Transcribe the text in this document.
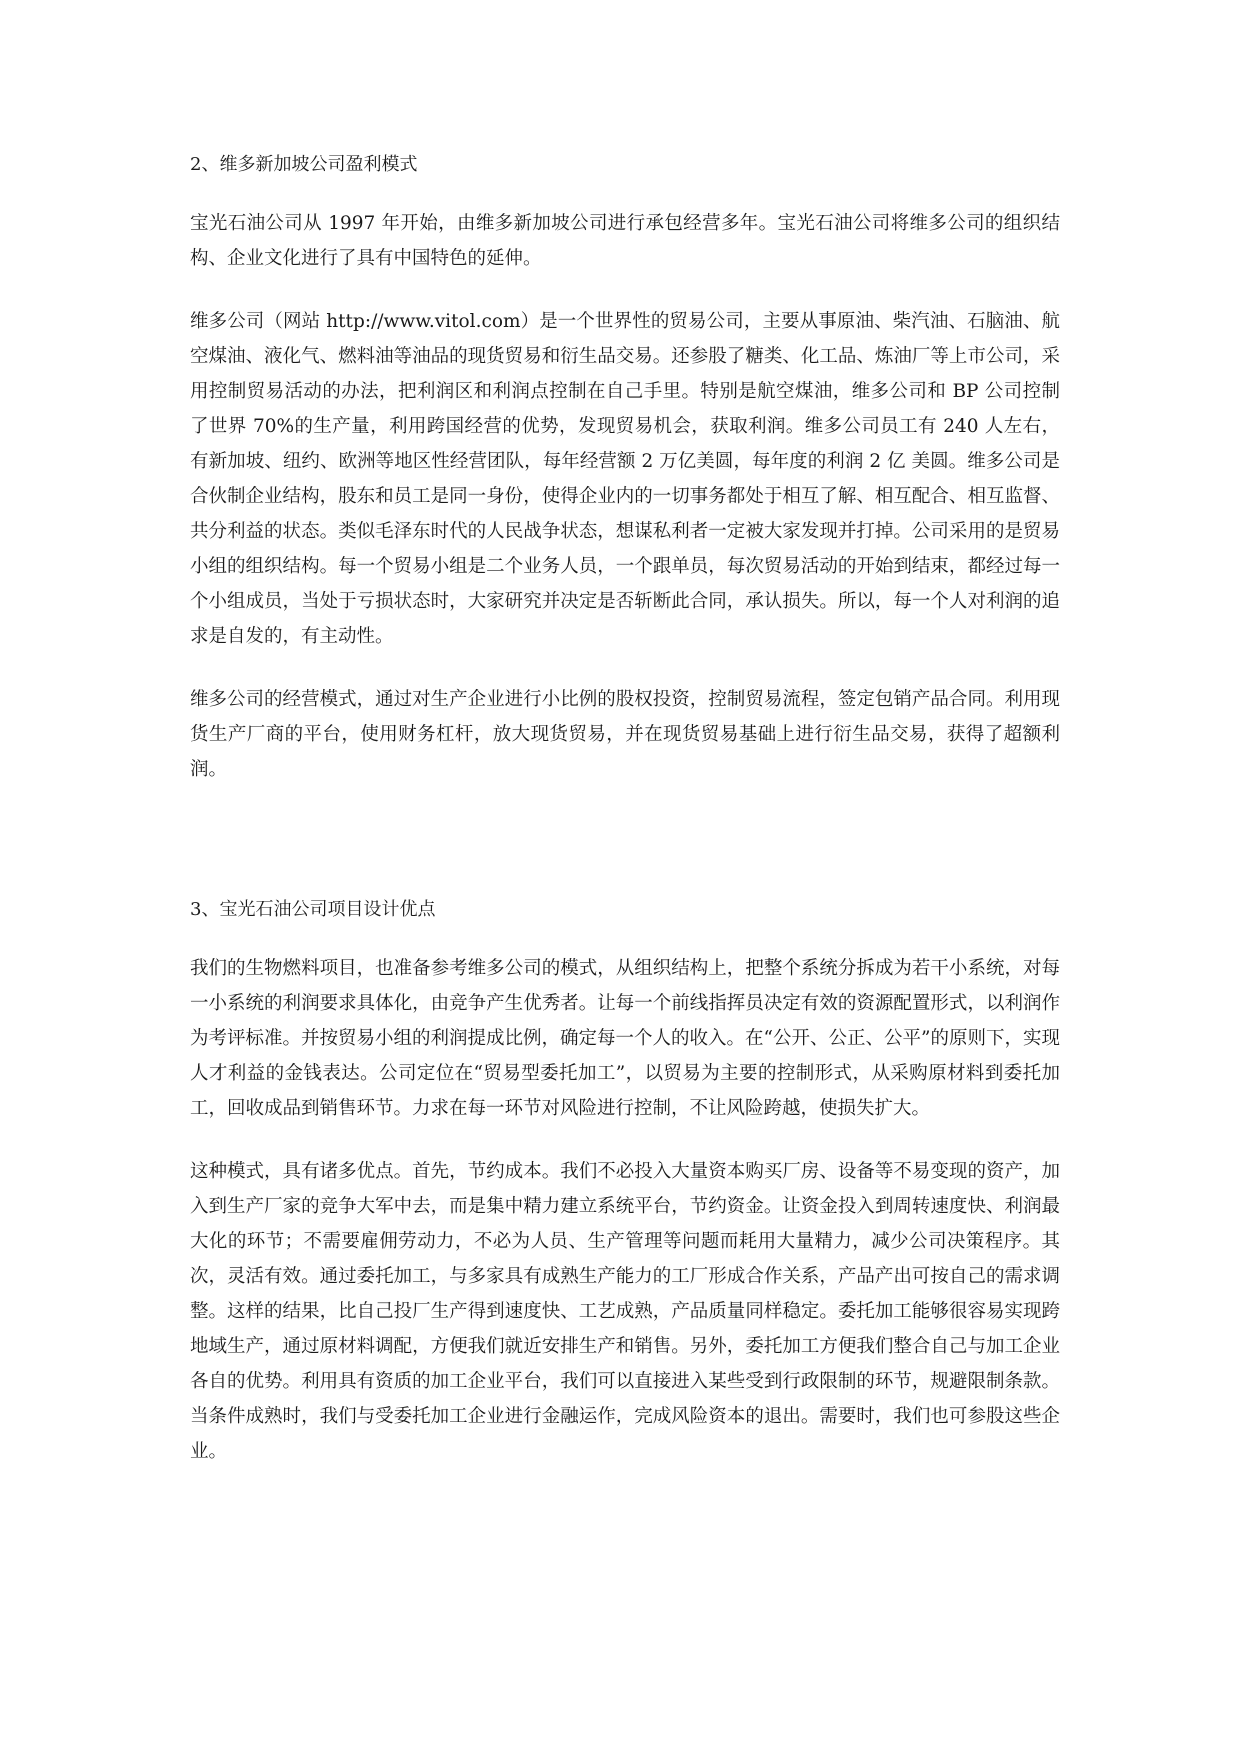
2、维多新加坡公司盈利模式

宝光石油公司从 1997 年开始，由维多新加坡公司进行承包经营多年。宝光石油公司将维多公司的组织结构、企业文化进行了具有中国特色的延伸。

维多公司（网站 http://www.vitol.com）是一个世界性的贸易公司，主要从事原油、柴汽油、石脑油、航空煤油、液化气、燃料油等油品的现货贸易和衍生品交易。还参股了糖类、化工品、炼油厂等上市公司，采用控制贸易活动的办法，把利润区和利润点控制在自己手里。特别是航空煤油，维多公司和 BP 公司控制了世界 70%的生产量，利用跨国经营的优势，发现贸易机会，获取利润。维多公司员工有 240 人左右，有新加坡、纽约、欧洲等地区性经营团队，每年经营额 2 万亿美圆，每年度的利润 2 亿 美圆。维多公司是合伙制企业结构，股东和员工是同一身份，使得企业内的一切事务都处于相互了解、相互配合、相互监督、共分利益的状态。类似毛泽东时代的人民战争状态，想谋私利者一定被大家发现并打掉。公司采用的是贸易小组的组织结构。每一个贸易小组是二个业务人员，一个跟单员，每次贸易活动的开始到结束，都经过每一个小组成员，当处于亏损状态时，大家研究并决定是否斩断此合同，承认损失。所以，每一个人对利润的追求是自发的，有主动性。

维多公司的经营模式，通过对生产企业进行小比例的股权投资，控制贸易流程，签定包销产品合同。利用现货生产厂商的平台，使用财务杠杆，放大现货贸易，并在现货贸易基础上进行衍生品交易，获得了超额利润。

3、宝光石油公司项目设计优点

我们的生物燃料项目，也准备参考维多公司的模式，从组织结构上，把整个系统分拆成为若干小系统，对每一小系统的利润要求具体化，由竞争产生优秀者。让每一个前线指挥员决定有效的资源配置形式，以利润作为考评标准。并按贸易小组的利润提成比例，确定每一个人的收入。在“公开、公正、公平”的原则下，实现人才利益的金钱表达。公司定位在“贸易型委托加工”，以贸易为主要的控制形式，从采购原材料到委托加工，回收成品到销售环节。力求在每一环节对风险进行控制，不让风险跨越，使损失扩大。

这种模式，具有诸多优点。首先，节约成本。我们不必投入大量资本购买厂房、设备等不易变现的资产，加入到生产厂家的竞争大军中去，而是集中精力建立系统平台，节约资金。让资金投入到周转速度快、利润最大化的环节；不需要雇佣劳动力，不必为人员、生产管理等问题而耗用大量精力，减少公司决策程序。其次，灵活有效。通过委托加工，与多家具有成熟生产能力的工厂形成合作关系，产品产出可按自己的需求调整。这样的结果，比自己投厂生产得到速度快、工艺成熟，产品质量同样稳定。委托加工能够很容易实现跨地域生产，通过原材料调配，方便我们就近安排生产和销售。另外，委托加工方便我们整合自己与加工企业各自的优势。利用具有资质的加工企业平台，我们可以直接进入某些受到行政限制的环节，规避限制条款。当条件成熟时，我们与受委托加工企业进行金融运作，完成风险资本的退出。需要时，我们也可参股这些企业。
